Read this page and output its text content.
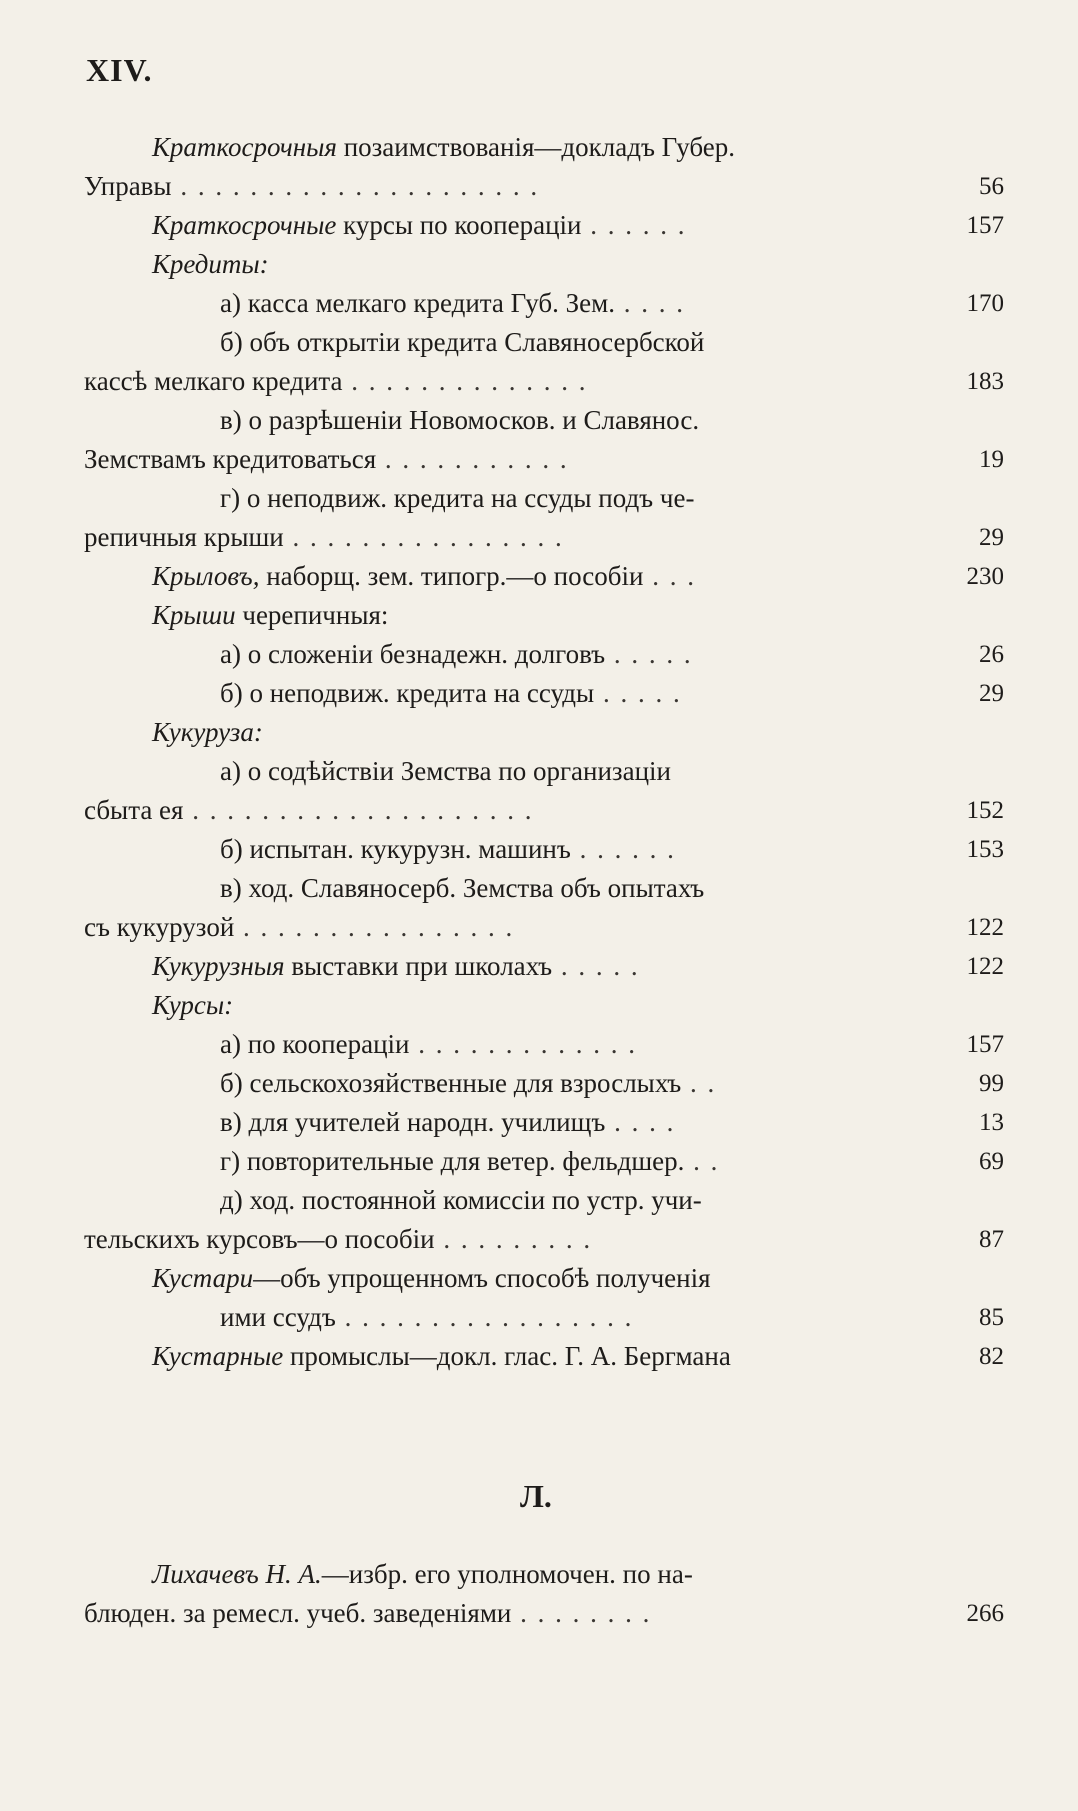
XIV.
Краткосрочныя позаимствованія—докладъ Губер.
Управы . . . . . . . . . . . . . . . . . . . . .	56
Краткосрочные курсы по коопераціи . . . . . .	157
Кредиты:
а) касса мелкаго кредита Губ. Зем. . . . .	170
б) объ открытіи кредита Славяносербской
кассѣ мелкаго кредита . . . . . . . . . . . . . .	183
в) о разрѣшеніи Новомосков. и Славянос.
Земствамъ кредитоваться . . . . . . . . . . .	19
г) о неподвиж. кредита на ссуды подъ че-
репичныя крыши . . . . . . . . . . . . . . . .	29
Крыловъ, наборщ. зем. типогр.—о пособіи . . .	230
Крыши черепичныя:
а) о сложеніи безнадежн. долговъ . . . . .	26
б) о неподвиж. кредита на ссуды . . . . .	29
Кукуруза:
а) о содѣйствіи Земства по организаціи
сбыта ея . . . . . . . . . . . . . . . . . . . .	152
б) испытан. кукурузн. машинъ . . . . . .	153
в) ход. Славяносерб. Земства объ опытахъ
съ кукурузой . . . . . . . . . . . . . . . .	122
Кукурузныя выставки при школахъ . . . . .	122
Курсы:
а) по коопераціи . . . . . . . . . . . . .	157
б) сельскохозяйственные для взрослыхъ . .	99
в) для учителей народн. училищъ . . . .	13
г) повторительные для ветер. фельдшер. . .	69
д) ход. постоянной комиссіи по устр. учи-
тельскихъ курсовъ—о пособіи . . . . . . . . .	87
Кустари—объ упрощенномъ способѣ полученія
ими ссудъ . . . . . . . . . . . . . . . . .	85
Кустарные промыслы—докл. глас. Г. А. Бергмана	82
Л.
Лихачевъ Н. А.—избр. его уполномочен. по на-
блюден. за ремесл. учеб. заведеніями . . . . . . . .	266
